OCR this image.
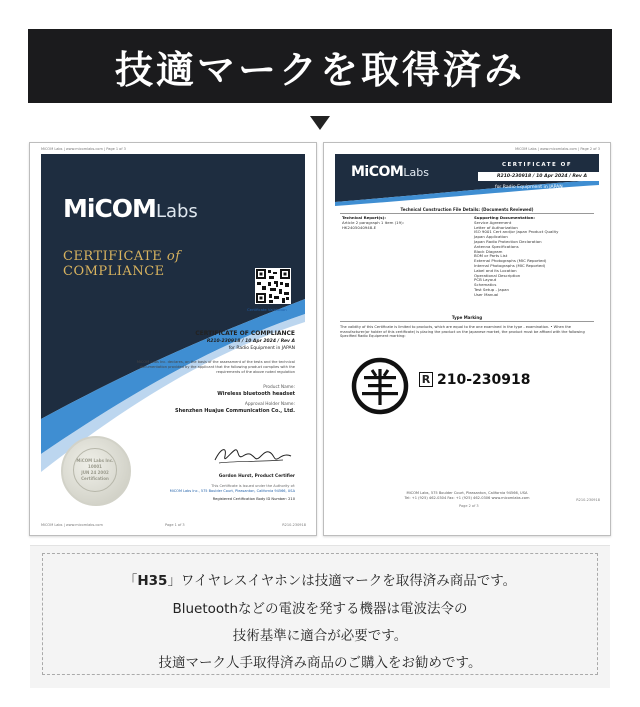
技適マークを取得済み
MiCOM Labs | www.micomlabs.com | Page 1 of 3
MiCOMLabs
CERTIFICATE of
COMPLIANCE
Certificate Validation
CERTIFICATE OF COMPLIANCE
R210-230918 / 10 Apr 2024 / Rev A
for Radio Equipment in JAPAN
MiCOM Labs Inc. declares, on the basis of the assessment of the tests and the technical documentation provided by the applicant that the following product complies with the requirements of the above noted regulation
Product Name:
Wireless bluetooth headset
Approval Holder Name:
Shenzhen Huajue Communication Co., Ltd.
MiCOM Labs Inc.
10001
JUN 24 2002
Certification	Gordon Hurst, Product Certifier
This Certificate is Issued under the Authority of:
MiCOM Labs Inc., 575 Boulder Court, Pleasanton, California 94566, USA
Registered Certification Body ID Number: 210
MiCOM Labs | www.micomlabs.com	Page 1 of 3	R210-230918
MiCOM Labs | www.micomlabs.com | Page 2 of 3
MiCOMLabs
CERTIFICATE OF
R210-230918 / 10 Apr 2024 / Rev A
for Radio Equipment in JAPAN
Technical Construction File Details: (Documents Reviewed)
Technical Report(s):
Article 2 paragraph 1 item (19):
HK2405040948-E
Supporting Documentation:
Service Agreement
Letter of Authorization
ISO 9001 Cert and/or Japan Product Quality
Japan Application
Japan Radio Protection Declaration
Antenna Specifications
Block Diagram
BOM or Parts List
External Photographs (MIC Reported)
Internal Photographs (MIC Reported)
Label and its Location
Operational Description
PCB Layout
Schematics
Test Setup - Japan
User Manual
Type Marking
The validity of this Certificate is limited to products, which are equal to the one examined in the type - examination. • When the manufacturer(or holder of this certificate) is placing the product on the Japanese market, the product must be affixed with the following Specified Radio Equipment marking:
R 210-230918
MiCOM Labs, 575 Boulder Court, Pleasanton, California 94566, USA
Tel: +1 (925) 462-0304 Fax: +1 (925) 462-0306 www.micomlabs.com
Page 2 of 3
R210-230918
「H35」ワイヤレスイヤホンは技適マークを取得済み商品です。
Bluetoothなどの電波を発する機器は電波法令の
技術基準に適合が必要です。
技適マーク人手取得済み商品のご購入をお勧めです。
